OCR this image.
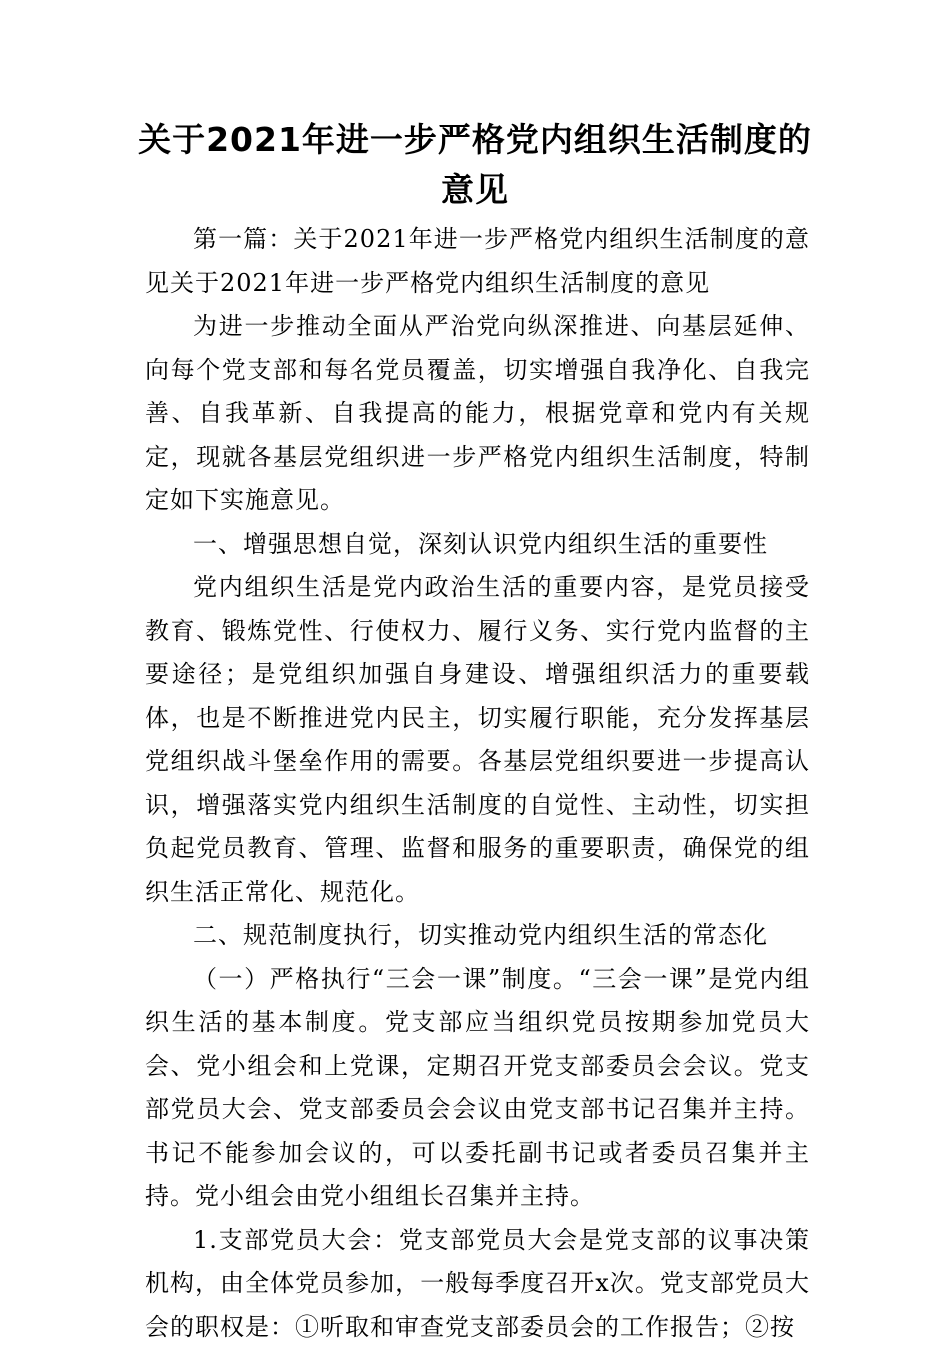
关于2021年进一步严格党内组织生活制度的意见

第一篇：关于2021年进一步严格党内组织生活制度的意见关于2021年进一步严格党内组织生活制度的意见

为进一步推动全面从严治党向纵深推进、向基层延伸、向每个党支部和每名党员覆盖，切实增强自我净化、自我完善、自我革新、自我提高的能力，根据党章和党内有关规定，现就各基层党组织进一步严格党内组织生活制度，特制定如下实施意见。

一、增强思想自觉，深刻认识党内组织生活的重要性

党内组织生活是党内政治生活的重要内容，是党员接受教育、锻炼党性、行使权力、履行义务、实行党内监督的主要途径；是党组织加强自身建设、增强组织活力的重要载体，也是不断推进党内民主，切实履行职能，充分发挥基层党组织战斗堡垒作用的需要。各基层党组织要进一步提高认识，增强落实党内组织生活制度的自觉性、主动性，切实担负起党员教育、管理、监督和服务的重要职责，确保党的组织生活正常化、规范化。

二、规范制度执行，切实推动党内组织生活的常态化

（一）严格执行“三会一课”制度。“三会一课”是党内组织生活的基本制度。党支部应当组织党员按期参加党员大会、党小组会和上党课，定期召开党支部委员会会议。党支部党员大会、党支部委员会会议由党支部书记召集并主持。书记不能参加会议的，可以委托副书记或者委员召集并主持。党小组会由党小组组长召集并主持。

1.支部党员大会：党支部党员大会是党支部的议事决策机构，由全体党员参加，一般每季度召开x次。党支部党员大会的职权是：①听取和审查党支部委员会的工作报告；②按
